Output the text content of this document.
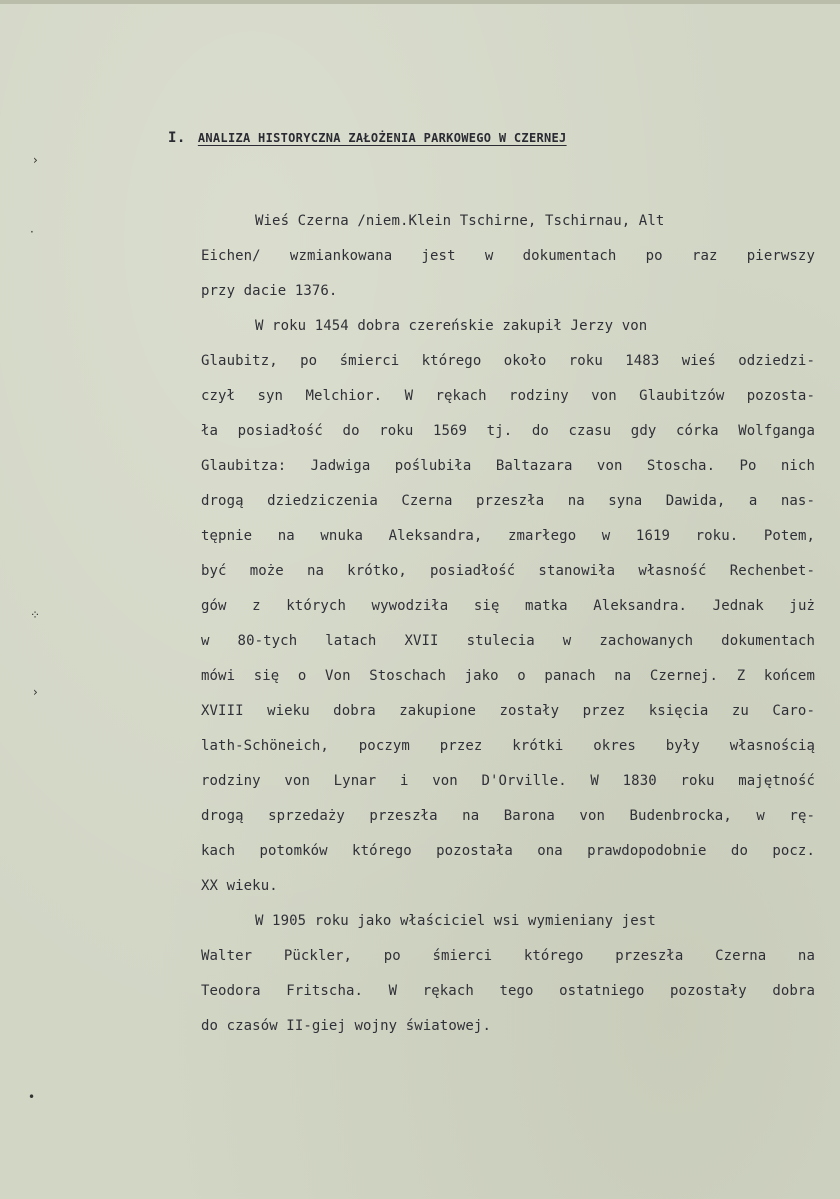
›
·
⁘
›
•
I. ANALIZA HISTORYCZNA ZAŁOŻENIA PARKOWEGO W CZERNEJ
Wieś Czerna /niem.Klein Tschirne, Tschirnau, Alt
Eichen/ wzmiankowana jest w dokumentach po raz pierwszy
przy dacie 1376.
W roku 1454 dobra czereńskie zakupił Jerzy von
Glaubitz, po śmierci którego około roku 1483 wieś odziedzi-
czył syn Melchior. W rękach rodziny von Glaubitzów pozosta-
ła posiadłość do roku 1569 tj. do czasu gdy córka Wolfganga
Glaubitza: Jadwiga poślubiła Baltazara von Stoscha. Po nich
drogą dziedziczenia Czerna przeszła na syna Dawida, a nas-
tępnie na wnuka Aleksandra, zmarłego w 1619 roku. Potem,
być może na krótko, posiadłość stanowiła własność Rechenbet-
gów z których wywodziła się matka Aleksandra. Jednak już
w 80-tych latach XVII stulecia w zachowanych dokumentach
mówi się o Von Stoschach jako o panach na Czernej. Z końcem
XVIII wieku dobra zakupione zostały przez księcia zu Caro-
lath-Schöneich, poczym przez krótki okres były własnością
rodziny von Lynar i von D'Orville. W 1830 roku majętność
drogą sprzedaży przeszła na Barona von Budenbrocka, w rę-
kach potomków którego pozostała ona prawdopodobnie do pocz.
XX wieku.
W 1905 roku jako właściciel wsi wymieniany jest
Walter Pückler, po śmierci którego przeszła Czerna na
Teodora Fritscha. W rękach tego ostatniego pozostały dobra
do czasów II-giej wojny światowej.
